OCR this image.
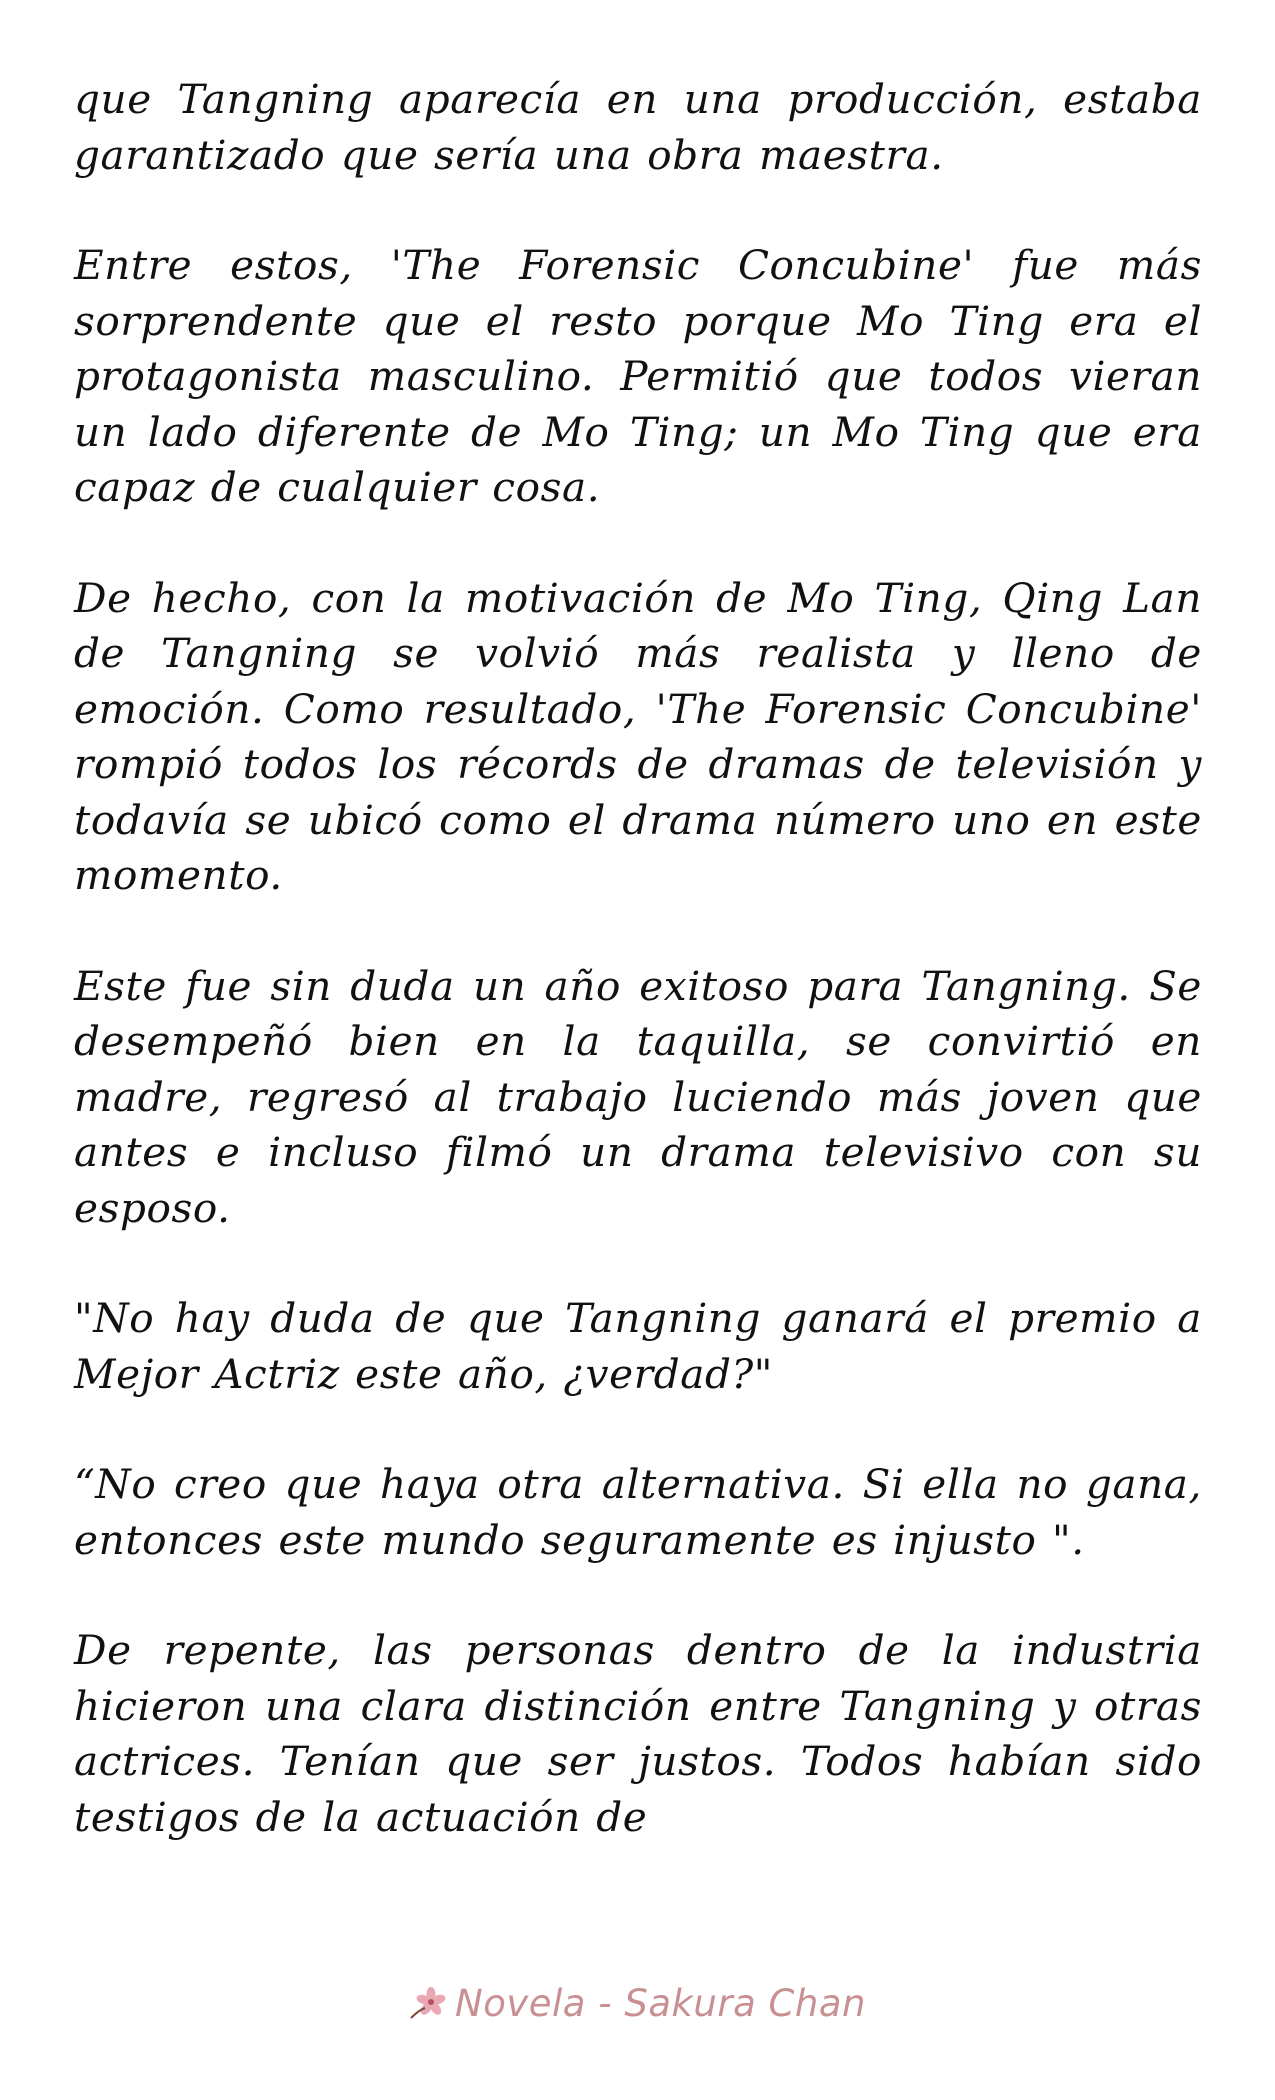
que Tangning aparecía en una producción, estaba garantizado que sería una obra maestra.

Entre estos, 'The Forensic Concubine' fue más sorprendente que el resto porque Mo Ting era el protagonista masculino. Permitió que todos vieran un lado diferente de Mo Ting; un Mo Ting que era capaz de cualquier cosa.

De hecho, con la motivación de Mo Ting, Qing Lan de Tangning se volvió más realista y lleno de emoción. Como resultado, 'The Forensic Concubine' rompió todos los récords de dramas de televisión y todavía se ubicó como el drama número uno en este momento.

Este fue sin duda un año exitoso para Tangning. Se desempeñó bien en la taquilla, se convirtió en madre, regresó al trabajo luciendo más joven que antes e incluso filmó un drama televisivo con su esposo.

"No hay duda de que Tangning ganará el premio a Mejor Actriz este año, ¿verdad?"

“No creo que haya otra alternativa. Si ella no gana, entonces este mundo seguramente es injusto ".

De repente, las personas dentro de la industria hicieron una clara distinción entre Tangning y otras actrices. Tenían que ser justos. Todos habían sido testigos de la actuación de

Novela - Sakura Chan
